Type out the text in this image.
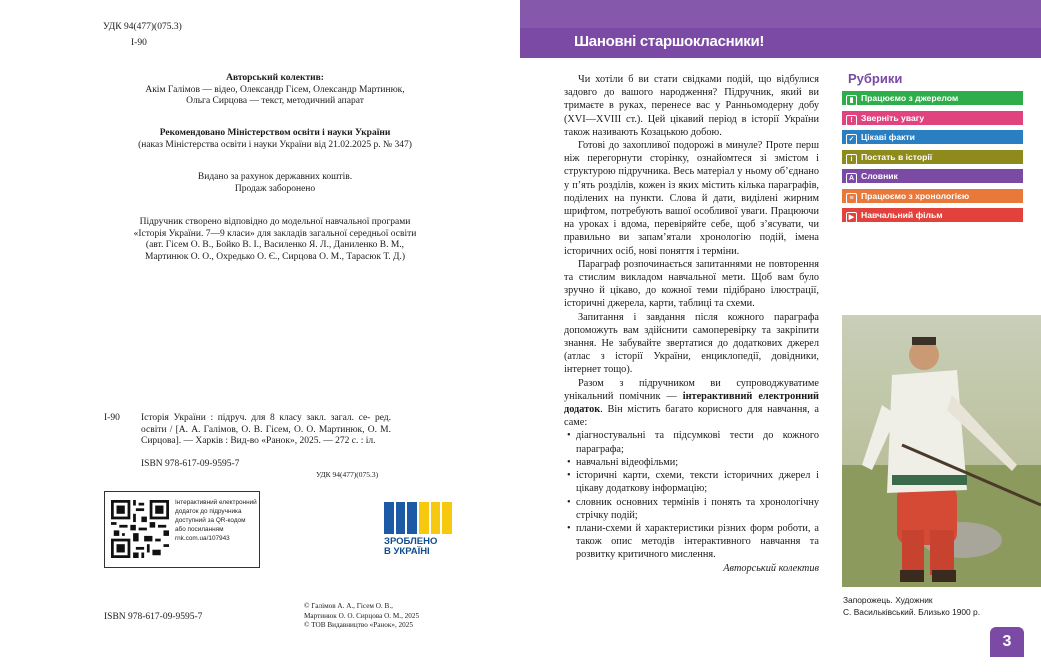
УДК 94(477)(075.3)
І-90
Авторський колектив:
Акім Галімов — відео, Олександр Гісем, Олександр Мартинюк,
Ольга Сирцова — текст, методичний апарат
Рекомендовано Міністерством освіти і науки України
(наказ Міністерства освіти і науки України від 21.02.2025 р. № 347)
Видано за рахунок державних коштів.
Продаж заборонено
Підручник створено відповідно до модельної навчальної програми
«Історія України. 7—9 класи» для закладів загальної середньої освіти
(авт. Гісем О. В., Бойко В. І., Василенко Я. Л., Даниленко В. М.,
Мартинюк О. О., Охредько О. Є., Сирцова О. М., Тарасюк Т. Д.)
І-90 Історія України : підруч. для 8 класу закл. загал. се- ред. освіти / [А. А. Галімов, О. В. Гісем, О. О. Мартинюк, О. М. Сирцова]. — Харків : Вид-во «Ранок», 2025. — 272 с. : іл.
ISBN 978-617-09-9595-7
УДК 94(477)(075.3)
Інтерактивний електронний додаток до підручника доступний за QR-кодом або посиланням rnk.com.ua/107943	ЗРОБЛЕНО
В УКРАЇНІ
© Галімов А. А., Гісем О. В.,
Мартинюк О. О. Сирцова О. М., 2025
© ТОВ Видавництво «Ранок», 2025
ISBN 978-617-09-9595-7
Шановні старшокласники!

Чи хотіли б ви стати свідками подій, що відбулися задовго до вашого народження? Підручник, який ви тримаєте в руках, перенесе вас у Ранньомодерну добу (XVI—XVIII ст.). Цей цікавий період в історії України також називають Козацькою добою.

Готові до захопливої подорожі в минуле? Проте перш ніж перегорнути сторінку, ознайомтеся зі змістом і структурою підручника. Весь матеріал у ньому об’єднано у п’ять розділів, кожен із яких містить кілька параграфів, поділених на пункти. Слова й дати, виділені жирним шрифтом, потребують вашої особливої уваги. Працюючи на уроках і вдома, перевіряйте себе, щоб з’ясувати, чи правильно ви запам’ятали хронологію подій, імена історичних осіб, нові поняття і терміни.

Параграф розпочинається запитаннями не повторення та стислим викладом навчальної мети. Щоб вам було зручно й цікаво, до кожної теми підібрано ілюстрації, історичні джерела, карти, таблиці та схеми.

Запитання і завдання після кожного параграфа допоможуть вам здійснити самоперевірку та закріпити знання. Не забувайте звертатися до додаткових джерел (атлас з історії України, енциклопедії, довідники, інтернет тощо).

Разом з підручником ви супроводжуватиме унікальний помічник — інтерактивний електронний додаток. Він містить багато корисного для навчання, а саме:

• діагностувальні та підсумкові тести до кожного параграфа;
• навчальні відеофільми;
• історичні карти, схеми, тексти історичних джерел і цікаву додаткову інформацію;
• словник основних термінів і понять та хронологічну стрічку подій;
• плани-схеми й характеристики різних форм роботи, а також опис методів інтерактивного навчання та розвитку критичного мислення.
Авторський колектив
Рубрики
Запорожець. Художник
С. Васильківський. Близько 1900 р.
3
▮ Працюємо з джерелом
! Зверніть увагу
✓ Цікаві факти
i Постать в історії
A Словник
≡ Працюємо з хронологією
▶ Навчальний фільм
